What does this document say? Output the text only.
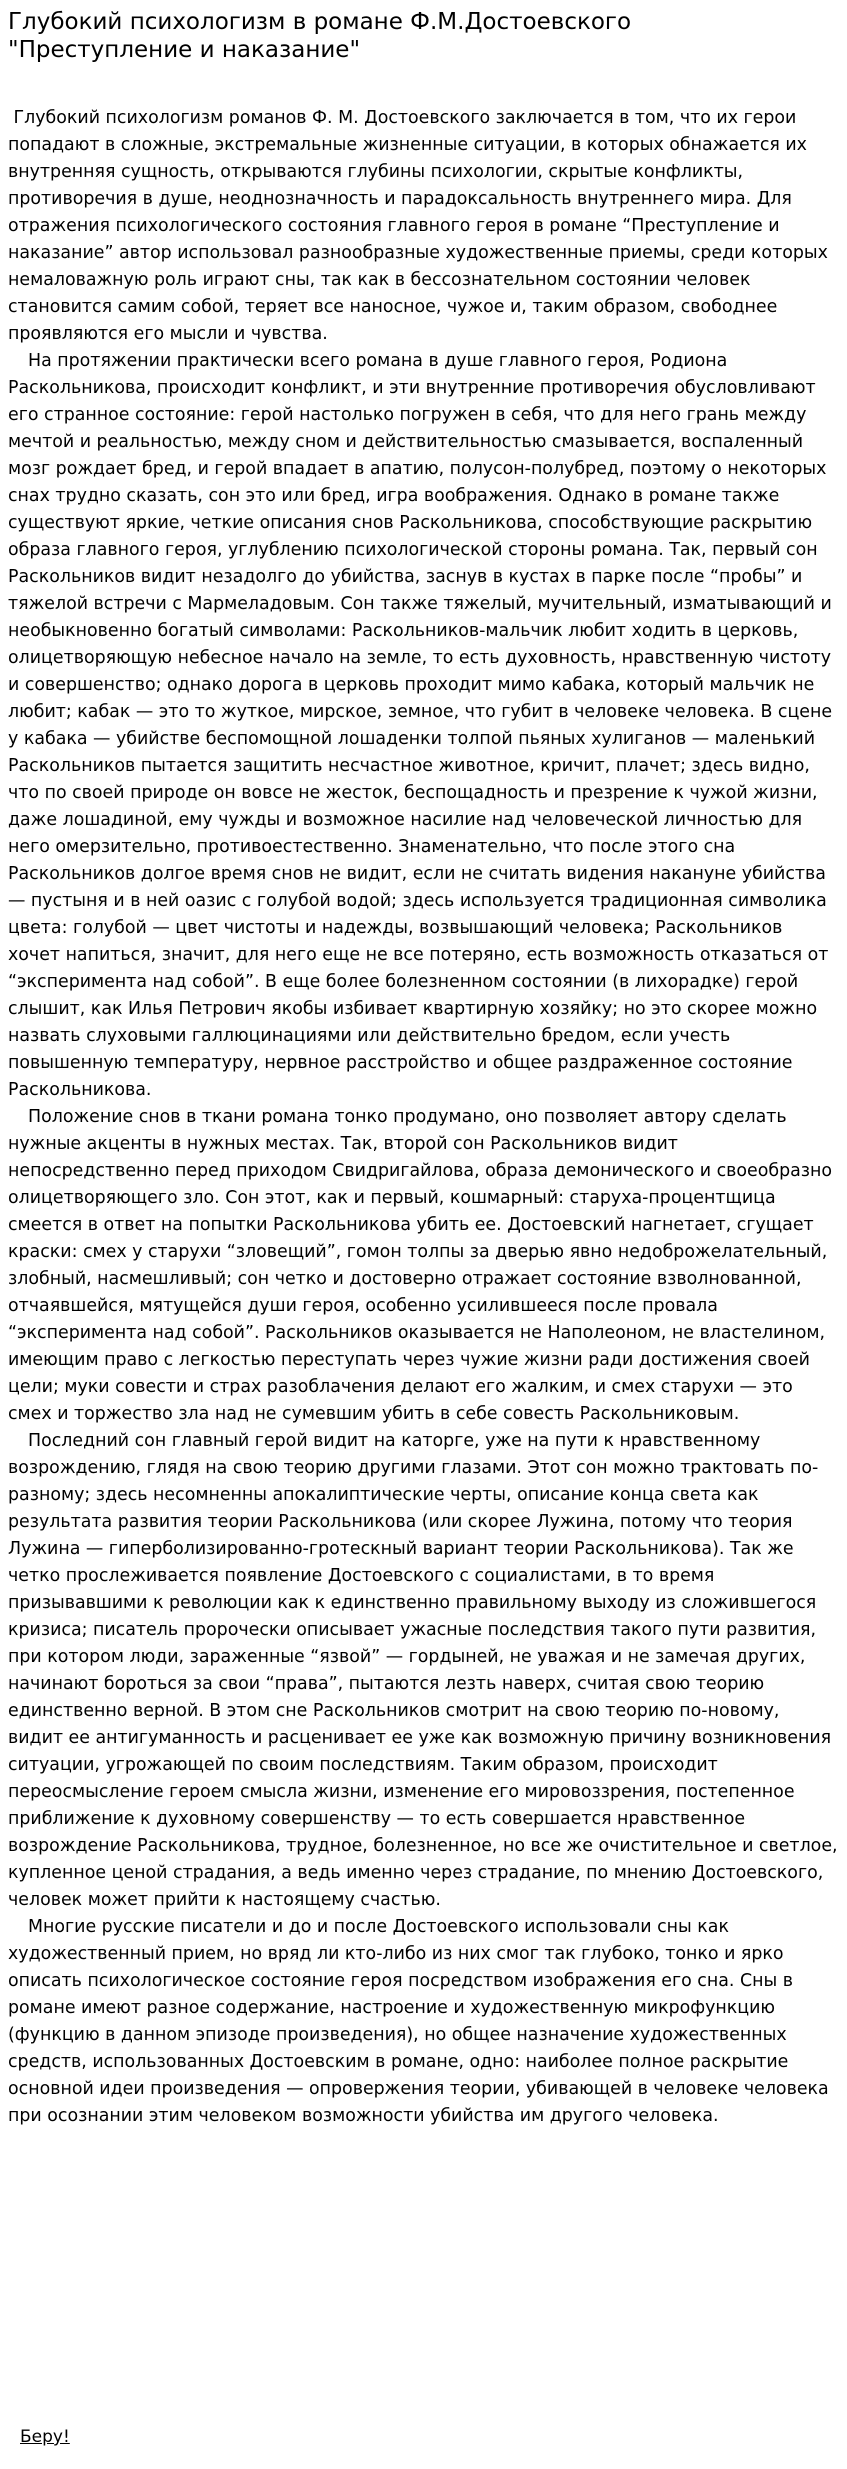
Глубокий психологизм в романе Ф.М.Достоевского
"Преступление и наказание"

Глубокий психологизм романов Ф. М. Достоевского заключается в том, что их герои попадают в сложные, экстремальные жизненные ситуации, в которых обнажается их внутренняя сущность, открываются глубины психологии, скрытые конфликты, противоречия в душе, неоднозначность и парадоксальность внутреннего мира. Для отражения психологического состояния главного героя в романе “Преступление и наказание” автор использовал разнообразные художественные приемы, среди которых немаловажную роль играют сны, так как в бессознательном состоянии человек становится самим собой, теряет все наносное, чужое и, таким образом, свободнее проявляются его мысли и чувства.

На протяжении практически всего романа в душе главного героя, Родиона Раскольникова, происходит конфликт, и эти внутренние противоречия обусловливают его странное состояние: герой настолько погружен в себя, что для него грань между мечтой и реальностью, между сном и действительностью смазывается, воспаленный мозг рождает бред, и герой впадает в апатию, полусон-полубред, поэтому о некоторых снах трудно сказать, сон это или бред, игра воображения. Однако в романе также существуют яркие, четкие описания снов Раскольникова, способствующие раскрытию образа главного героя, углублению психологической стороны романа. Так, первый сон Раскольников видит незадолго до убийства, заснув в кустах в парке после “пробы” и тяжелой встречи с Мармеладовым. Сон также тяжелый, мучительный, изматывающий и необыкновенно богатый символами: Раскольников-мальчик любит ходить в церковь, олицетворяющую небесное начало на земле, то есть духовность, нравственную чистоту и совершенство; однако дорога в церковь проходит мимо кабака, который мальчик не любит; кабак — это то жуткое, мирское, земное, что губит в человеке человека. В сцене у кабака — убийстве беспомощной лошаденки толпой пьяных хулиганов — маленький Раскольников пытается защитить несчастное животное, кричит, плачет; здесь видно, что по своей природе он вовсе не жесток, беспощадность и презрение к чужой жизни, даже лошадиной, ему чужды и возможное насилие над человеческой личностью для него омерзительно, противоестественно. Знаменательно, что после этого сна Раскольников долгое время снов не видит, если не считать видения накануне убийства — пустыня и в ней оазис с голубой водой; здесь используется традиционная символика цвета: голубой — цвет чистоты и надежды, возвышающий человека; Раскольников хочет напиться, значит, для него еще не все потеряно, есть возможность отказаться от “эксперимента над собой”. В еще более болезненном состоянии (в лихорадке) герой слышит, как Илья Петрович якобы избивает квартирную хозяйку; но это скорее можно назвать слуховыми галлюцинациями или действительно бредом, если учесть повышенную температуру, нервное расстройство и общее раздраженное состояние Раскольникова.

Положение снов в ткани романа тонко продумано, оно позволяет автору сделать нужные акценты в нужных местах. Так, второй сон Раскольников видит непосредственно перед приходом Свидригайлова, образа демонического и своеобразно олицетворяющего зло. Сон этот, как и первый, кошмарный: старуха-процентщица смеется в ответ на попытки Раскольникова убить ее. Достоевский нагнетает, сгущает краски: смех у старухи “зловещий”, гомон толпы за дверью явно недоброжелательный, злобный, насмешливый; сон четко и достоверно отражает состояние взволнованной, отчаявшейся, мятущейся души героя, особенно усилившееся после провала “эксперимента над собой”. Раскольников оказывается не Наполеоном, не властелином, имеющим право с легкостью переступать через чужие жизни ради достижения своей цели; муки совести и страх разоблачения делают его жалким, и смех старухи — это смех и торжество зла над не сумевшим убить в себе совесть Раскольниковым.

Последний сон главный герой видит на каторге, уже на пути к нравственному возрождению, глядя на свою теорию другими глазами. Этот сон можно трактовать по-разному; здесь несомненны апокалиптические черты, описание конца света как результата развития теории Раскольникова (или скорее Лужина, потому что теория Лужина — гиперболизированно-гротескный вариант теории Раскольникова). Так же четко прослеживается появление Достоевского с социалистами, в то время призывавшими к революции как к единственно правильному выходу из сложившегося кризиса; писатель пророчески описывает ужасные последствия такого пути развития, при котором люди, зараженные “язвой” — гордыней, не уважая и не замечая других, начинают бороться за свои “права”, пытаются лезть наверх, считая свою теорию единственно верной. В этом сне Раскольников смотрит на свою теорию по-новому, видит ее антигуманность и расценивает ее уже как возможную причину возникновения ситуации, угрожающей по своим последствиям. Таким образом, происходит переосмысление героем смысла жизни, изменение его мировоззрения, постепенное приближение к духовному совершенству — то есть совершается нравственное возрождение Раскольникова, трудное, болезненное, но все же очистительное и светлое, купленное ценой страдания, а ведь именно через страдание, по мнению Достоевского, человек может прийти к настоящему счастью.

Многие русские писатели и до и после Достоевского использовали сны как художественный прием, но вряд ли кто-либо из них смог так глубоко, тонко и ярко описать психологическое состояние героя посредством изображения его сна. Сны в романе имеют разное содержание, настроение и художественную микрофункцию (функцию в данном эпизоде произведения), но общее назначение художественных средств, использованных Достоевским в романе, одно: наиболее полное раскрытие основной идеи произведения — опровержения теории, убивающей в человеке человека при осознании этим человеком возможности убийства им другого человека.

Беру!
